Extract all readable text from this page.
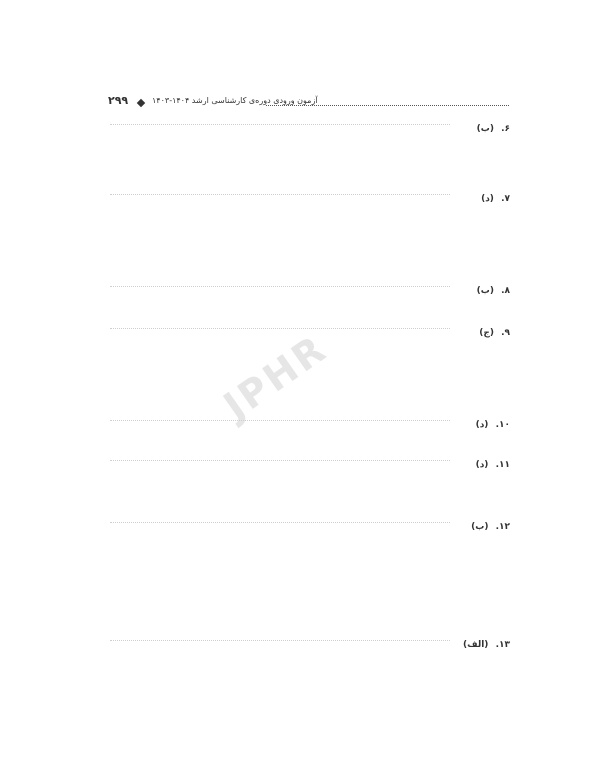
۲۹۹	آزمون ورودی دوره‌ی کارشناسی ارشد ۱۴۰۴-۱۴۰۳
JPHR
۶. (ب)
۷. (د)
۸. (ب)
۹. (ج)
۱۰. (د)
۱۱. (د)
۱۲. (ب)
۱۳. (الف)
